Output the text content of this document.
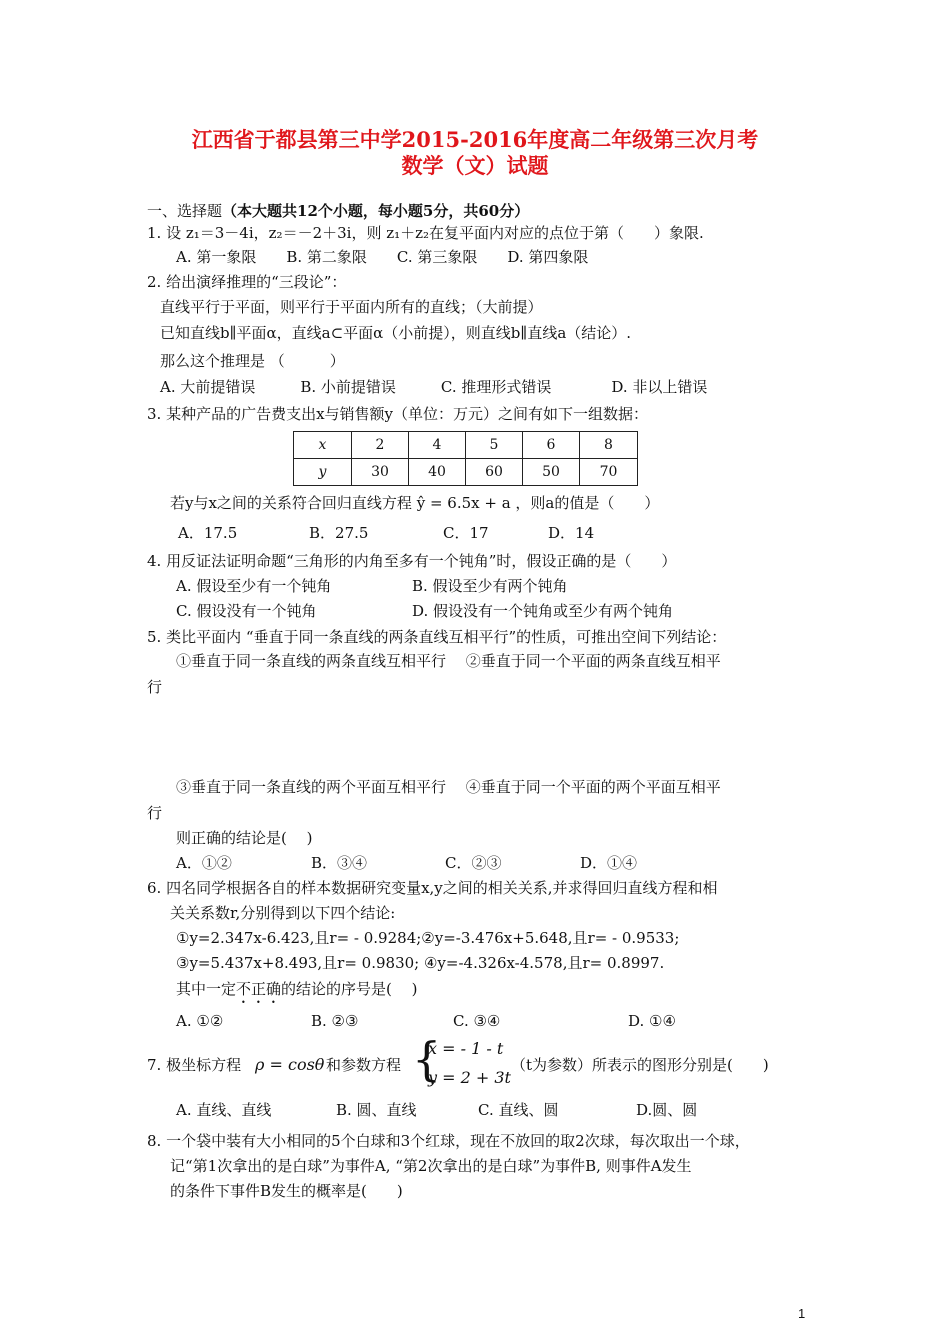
江西省于都县第三中学2015-2016年度高二年级第三次月考
数学（文）试题
一、选择题（本大题共12个小题，每小题5分，共60分）
1. 设 z₁＝3－4i，z₂＝－2＋3i，则 z₁＋z₂在复平面内对应的点位于第（　　）象限.
A. 第一象限　　B. 第二象限　　C. 第三象限　　D. 第四象限
2. 给出演绎推理的“三段论”：
直线平行于平面，则平行于平面内所有的直线；（大前提）
已知直线b∥平面α，直线a⊂平面α（小前提），则直线b∥直线a（结论）.
那么这个推理是 （　　　）
A. 大前提错误　　　B. 小前提错误　　　C. 推理形式错误　　　　D. 非以上错误
3. 某种产品的广告费支出x与销售额y（单位：万元）之间有如下一组数据：
x	2	4	5	6	8
y	30	40	60	50	70
若y与x之间的关系符合回归直线方程 ŷ = 6.5x + a ，则a的值是（　　）
A．17.5	B．27.5	C．17	D．14
4. 用反证法证明命题“三角形的内角至多有一个钝角”时，假设正确的是（　　）
A. 假设至少有一个钝角	B. 假设至少有两个钝角
C. 假设没有一个钝角	D. 假设没有一个钝角或至少有两个钝角
5. 类比平面内 “垂直于同一条直线的两条直线互相平行”的性质，可推出空间下列结论：
①垂直于同一条直线的两条直线互相平行　 ②垂直于同一个平面的两条直线互相平
行
③垂直于同一条直线的两个平面互相平行　 ④垂直于同一个平面的两个平面互相平
行
则正确的结论是(　 )
A．①②	B．③④	C．②③	D．①④
6. 四名同学根据各自的样本数据研究变量x,y之间的相关关系,并求得回归直线方程和相
关关系数r,分别得到以下四个结论:
①y=2.347x-6.423,且r= - 0.9284;②y=-3.476x+5.648,且r= - 0.9533;
③y=5.437x+8.493,且r= 0.9830; ④y=-4.326x-4.578,且r= 0.8997.
其中一定不正确的结论的序号是(　 )
A. ①②	B. ②③	C. ③④	D. ①④
7. 极坐标方程 ρ = cosθ 和参数方程 {
x = - 1 - t
y = 2 + 3t
（t为参数）所表示的图形分别是(　　)
A. 直线、直线	B. 圆、直线	C. 直线、圆	D.圆、圆
8. 一个袋中装有大小相同的5个白球和3个红球，现在不放回的取2次球，每次取出一个球，
记“第1次拿出的是白球”为事件A, “第2次拿出的是白球”为事件B, 则事件A发生
的条件下事件B发生的概率是(　　)
1
